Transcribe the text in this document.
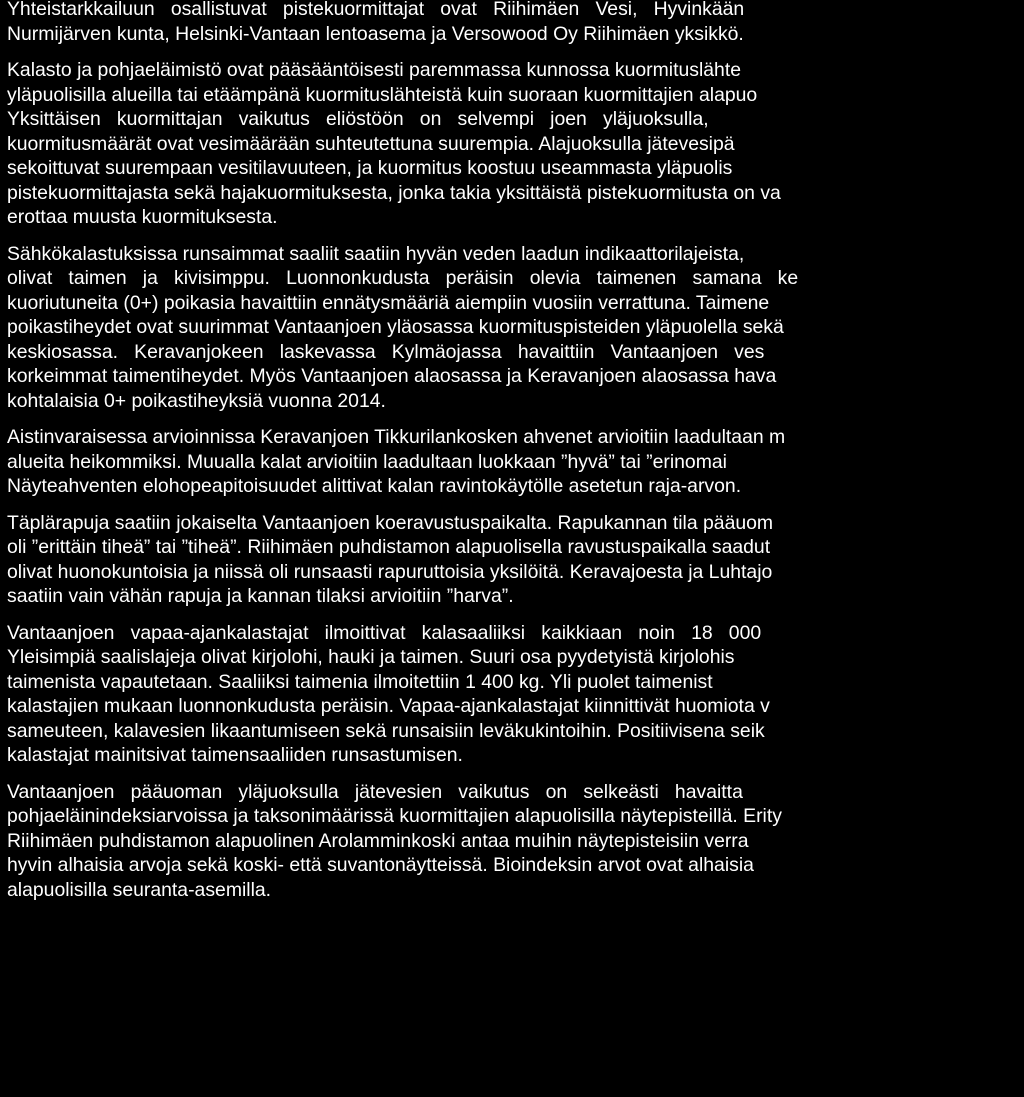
Yhteistarkkailuun   osallistuvat   pistekuormittajat   ovat   Riihimäen   Vesi,   Hyvinkään
Nurmijärven kunta, Helsinki-Vantaan lentoasema ja Versowood Oy Riihimäen yksikkö.
Kalasto ja pohjaeläimistö ovat pääsääntöisesti paremmassa kunnossa kuormituslähte
yläpuolisilla alueilla tai etäämpänä kuormituslähteistä kuin suoraan kuormittajien alapuo
Yksittäisen   kuormittajan   vaikutus   eliöstöön   on   selvempi   joen   yläjuoksulla,
kuormitusmäärät ovat vesimäärään suhteutettuna suurempia. Alajuoksulla jätevesipä
sekoittuvat suurempaan vesitilavuuteen, ja kuormitus koostuu useammasta yläpuolis
pistekuormittajasta sekä hajakuormituksesta, jonka takia yksittäistä pistekuormitusta on va
erottaa muusta kuormituksesta.
Sähkökalastuksissa runsaimmat saaliit saatiin hyvän veden laadun indikaattorilajeista,
olivat   taimen   ja   kivisimppu.   Luonnonkudusta   peräisin   olevia   taimenen   samana   ke
kuoriutuneita (0+) poikasia havaittiin ennätysmääriä aiempiin vuosiin verrattuna. Taimene
poikastiheydet ovat suurimmat Vantaanjoen yläosassa kuormituspisteiden yläpuolella sekä
keskiosassa.   Keravanjokeen   laskevassa   Kylmäojassa   havaittiin   Vantaanjoen   ves
korkeimmat taimentiheydet. Myös Vantaanjoen alaosassa ja Keravanjoen alaosassa hava
kohtalaisia 0+ poikastiheyksiä vuonna 2014.
Aistinvaraisessa arvioinnissa Keravanjoen Tikkurilankosken ahvenet arvioitiin laadultaan m
alueita heikommiksi. Muualla kalat arvioitiin laadultaan luokkaan ”hyvä” tai ”erinomai
Näyteahventen elohopeapitoisuudet alittivat kalan ravintokäytölle asetetun raja-arvon.
Täplärapuja saatiin jokaiselta Vantaanjoen koeravustuspaikalta. Rapukannan tila pääuom
oli ”erittäin tiheä” tai ”tiheä”. Riihimäen puhdistamon alapuolisella ravustuspaikalla saadut
olivat huonokuntoisia ja niissä oli runsaasti rapuruttoisia yksilöitä. Keravajoesta ja Luhtajo
saatiin vain vähän rapuja ja kannan tilaksi arvioitiin ”harva”.
Vantaanjoen   vapaa-ajankalastajat   ilmoittivat   kalasaaliiksi   kaikkiaan   noin   18   000
Yleisimpiä saalislajeja olivat kirjolohi, hauki ja taimen. Suuri osa pyydetyistä kirjolohis
taimenista vapautetaan. Saaliiksi taimenia ilmoitettiin 1 400 kg. Yli puolet taimenist
kalastajien mukaan luonnonkudusta peräisin. Vapaa-ajankalastajat kiinnittivät huomiota v
sameuteen, kalavesien likaantumiseen sekä runsaisiin leväkukintoihin. Positiivisena seik
kalastajat mainitsivat taimensaaliiden runsastumisen.
Vantaanjoen   pääuoman   yläjuoksulla   jätevesien   vaikutus   on   selkeästi   havaitta
pohjaeläinindeksiarvoissa ja taksonimäärissä kuormittajien alapuolisilla näytepisteillä. Erity
Riihimäen puhdistamon alapuolinen Arolamminkoski antaa muihin näytepisteisiin verra
hyvin alhaisia arvoja sekä koski- että suvantonäytteissä. Bioindeksin arvot ovat alhaisia
alapuolisilla seuranta-asemilla.
